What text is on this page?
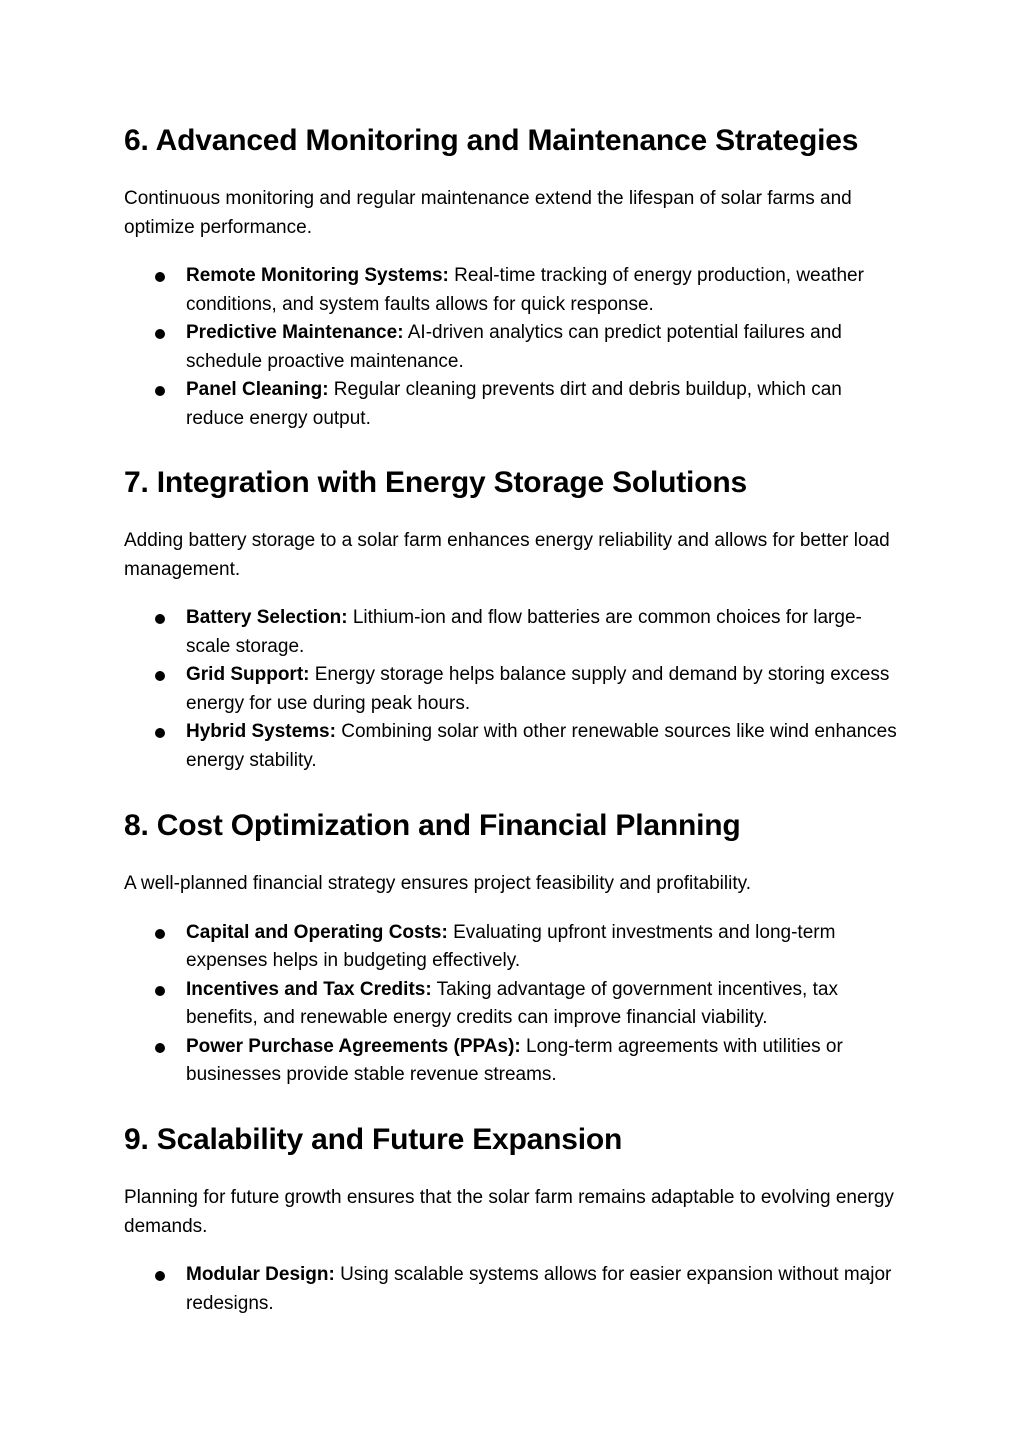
6. Advanced Monitoring and Maintenance Strategies

Continuous monitoring and regular maintenance extend the lifespan of solar farms and optimize performance.

Remote Monitoring Systems: Real-time tracking of energy production, weather conditions, and system faults allows for quick response.
Predictive Maintenance: AI-driven analytics can predict potential failures and schedule proactive maintenance.
Panel Cleaning: Regular cleaning prevents dirt and debris buildup, which can reduce energy output.
7. Integration with Energy Storage Solutions

Adding battery storage to a solar farm enhances energy reliability and allows for better load management.

Battery Selection: Lithium-ion and flow batteries are common choices for large-scale storage.
Grid Support: Energy storage helps balance supply and demand by storing excess energy for use during peak hours.
Hybrid Systems: Combining solar with other renewable sources like wind enhances energy stability.
8. Cost Optimization and Financial Planning

A well-planned financial strategy ensures project feasibility and profitability.

Capital and Operating Costs: Evaluating upfront investments and long-term expenses helps in budgeting effectively.
Incentives and Tax Credits: Taking advantage of government incentives, tax benefits, and renewable energy credits can improve financial viability.
Power Purchase Agreements (PPAs): Long-term agreements with utilities or businesses provide stable revenue streams.
9. Scalability and Future Expansion

Planning for future growth ensures that the solar farm remains adaptable to evolving energy demands.

Modular Design: Using scalable systems allows for easier expansion without major redesigns.
